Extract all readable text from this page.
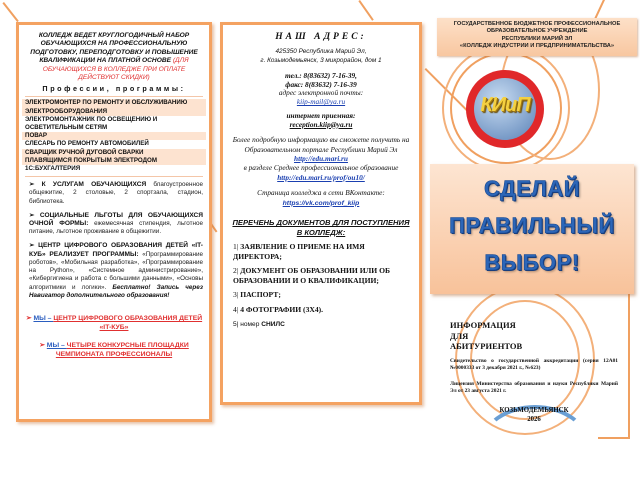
КОЛЛЕДЖ ВЕДЕТ КРУГЛОГОДИЧНЫЙ НАБОР ОБУЧАЮЩИХСЯ НА ПРОФЕССИОНАЛЬНУЮ ПОДГОТОВКУ, ПЕРЕПОДГОТОВКУ И ПОВЫШЕНИЕ КВАЛИФИКАЦИИ НА ПЛАТНОЙ ОСНОВЕ (ДЛЯ ОБУЧАЮЩИХСЯ В КОЛЛЕДЖЕ ПРИ ОПЛАТЕ ДЕЙСТВУЮТ СКИДКИ)
Профессии, программы:
ЭЛЕКТРОМОНТЕР ПО РЕМОНТУ И ОБСЛУЖИВАНИЮ
ЭЛЕКТРООБОРУДОВАНИЯ
ЭЛЕКТРОМОНТАЖНИК ПО ОСВЕЩЕНИЮ И
ОСВЕТИТЕЛЬНЫМ СЕТЯМ
ПОВАР
СЛЕСАРЬ ПО РЕМОНТУ АВТОМОБИЛЕЙ
СВАРЩИК РУЧНОЙ ДУГОВОЙ СВАРКИ
ПЛАВЯЩИМСЯ ПОКРЫТЫМ ЭЛЕКТРОДОМ
1С:БУХГАЛТЕРИЯ
➢ К УСЛУГАМ ОБУЧАЮЩИХСЯ благоустроенное общежитие, 2 столовые, 2 спортзала, стадион, библиотека.
➢ СОЦИАЛЬНЫЕ ЛЬГОТЫ ДЛЯ ОБУЧАЮЩИХСЯ ОЧНОЙ ФОРМЫ: ежемесячная стипендия, льготное питание, льготное проживание в общежитии.
➢ ЦЕНТР ЦИФРОВОГО ОБРАЗОВАНИЯ ДЕТЕЙ «IT-КУБ» РЕАЛИЗУЕТ ПРОГРАММЫ: «Программирование роботов», «Мобильная разработка», «Программирование на Python», «Системное администрирование», «Кибергигиена и работа с большими данными», «Основы алгоритмики и логики». Бесплатно! Запись через Навигатор дополнительного образования!
➢ МЫ – ЦЕНТР ЦИФРОВОГО ОБРАЗОВАНИЯ ДЕТЕЙ «IT-КУБ»
➢ МЫ – ЧЕТЫРЕ КОНКУРСНЫЕ ПЛОЩАДКИ ЧЕМПИОНАТА ПРОФЕССИОНАЛЫ
НАШ АДРЕС:
425350 Республика Марий Эл,
г. Козьмодемьянск, 3 микрорайон, дом 1
тел.: 8(83632) 7-16-39,
факс: 8(83632) 7-16-39
адрес электронной почты:
kiip-mail@ya.ru
интернет приемная:
reception.kiip@ya.ru
Более подробную информацию вы сможете получить на Образовательном портале Республики Марий Эл
http://edu.mari.ru
в разделе Среднее профессиональное образование
http://edu.mari.ru/prof/ou10/
Страница колледжа в сети ВКонтакте: https://vk.com/prof_kiip
ПЕРЕЧЕНЬ ДОКУМЕНТОВ ДЛЯ ПОСТУПЛЕНИЯ В КОЛЛЕДЖ:
1| ЗАЯВЛЕНИЕ О ПРИЕМЕ НА ИМЯ ДИРЕКТОРА;
2| ДОКУМЕНТ ОБ ОБРАЗОВАНИИ ИЛИ ОБ ОБРАЗОВАНИИ И О КВАЛИФИКАЦИИ;
3| ПАСПОРТ;
4| 4 ФОТОГРАФИИ (3Х4).
5| номер СНИЛС
ГОСУДАРСТВЕННОЕ БЮДЖЕТНОЕ ПРОФЕССИОНАЛЬНОЕ
ОБРАЗОВАТЕЛЬНОЕ УЧРЕЖДЕНИЕ
РЕСПУБЛИКИ МАРИЙ ЭЛ
«КОЛЛЕДЖ ИНДУСТРИИ И ПРЕДПРИНИМАТЕЛЬСТВА»
КИиП
СДЕЛАЙ
ПРАВИЛЬНЫЙ
ВЫБОР!
ИНФОРМАЦИЯ
ДЛЯ
АБИТУРИЕНТОВ
Свидетельство о государственной аккредитации (серия 12А01 №0000333 от 3 декабря 2021 г., №623)
Лицензия Министерства образования и науки Республики Марий Эл от 23 августа 2021 г.
КОЗЬМОДЕМЬЯНСК
2026
